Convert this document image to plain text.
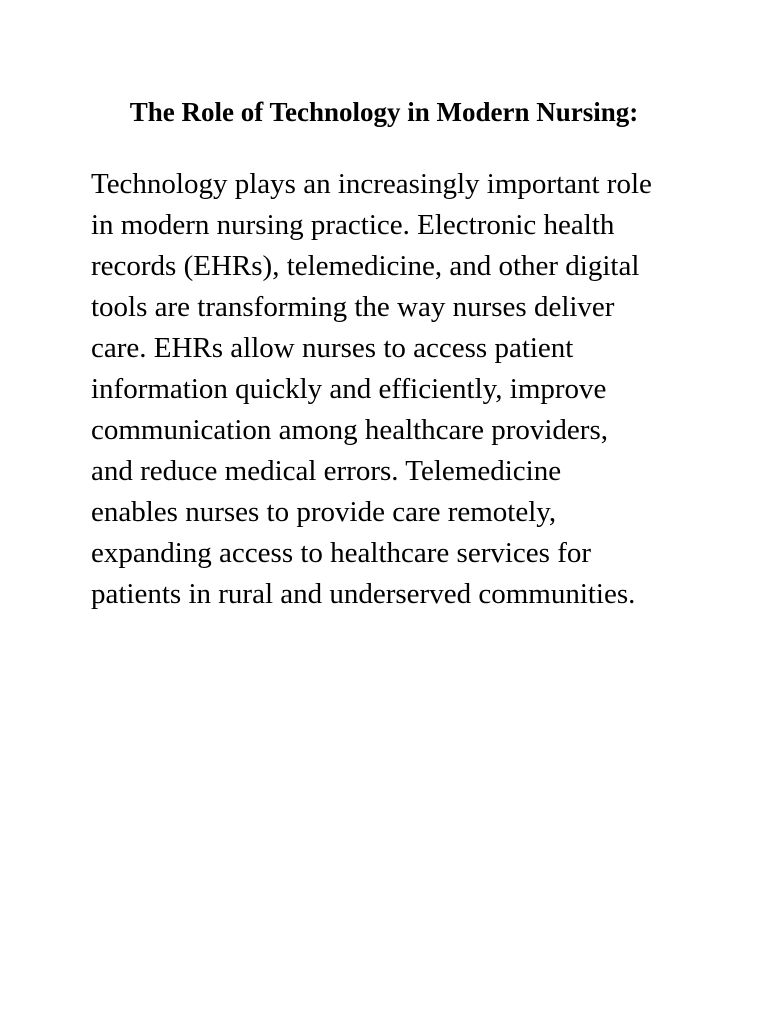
The Role of Technology in Modern Nursing:

Technology plays an increasingly important role
in modern nursing practice. Electronic health
records (EHRs), telemedicine, and other digital
tools are transforming the way nurses deliver
care. EHRs allow nurses to access patient
information quickly and efficiently, improve
communication among healthcare providers,
and reduce medical errors. Telemedicine
enables nurses to provide care remotely,
expanding access to healthcare services for
patients in rural and underserved communities.
